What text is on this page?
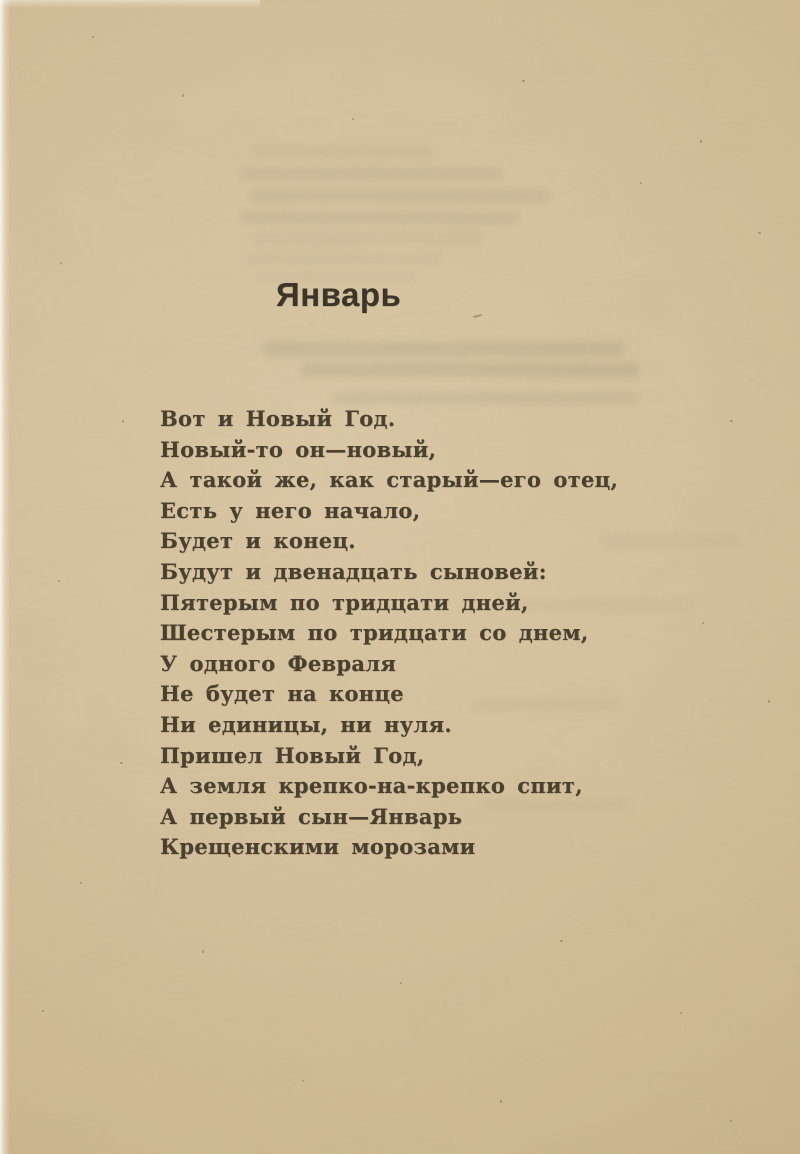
Январь
Вот и Новый Год.
Новый-то он—новый,
А такой же, как старый—его отец,
Есть у него начало,
Будет и конец.
Будут и двенадцать сыновей:
Пятерым по тридцати дней,
Шестерым по тридцати со днем,
У одного Февраля
Не будет на конце
Ни единицы, ни нуля.
Пришел Новый Год,
А земля крепко-на-крепко спит,
А первый сын—Январь
Крещенскими морозами
